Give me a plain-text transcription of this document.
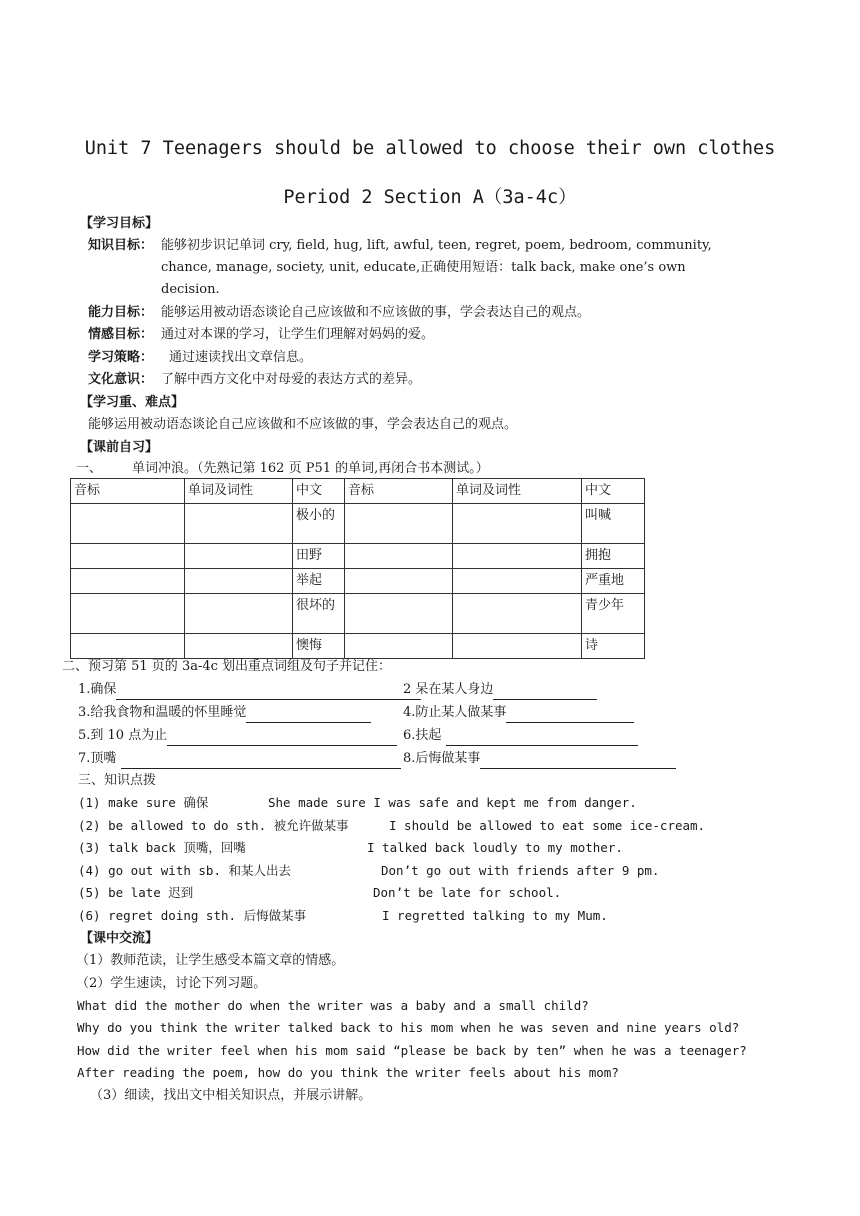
Unit 7 Teenagers should be allowed to choose their own clothes
Period 2 Section A（3a-4c）
【学习目标】
知识目标： 能够初步识记单词 cry, field, hug, lift, awful, teen, regret, poem, bedroom, community,
chance, manage, society, unit, educate,正确使用短语：talk back, make one’s own
decision.
能力目标： 能够运用被动语态谈论自己应该做和不应该做的事，学会表达自己的观点。
情感目标： 通过对本课的学习，让学生们理解对妈妈的爱。
学习策略： 通过速读找出文章信息。
文化意识： 了解中西方文化中对母爱的表达方式的差异。
【学习重、难点】
能够运用被动语态谈论自己应该做和不应该做的事，学会表达自己的观点。
【课前自习】
一、 单词冲浪。（先熟记第 162 页 P51 的单词,再闭合书本测试。）
音标	单词及词性	中文	音标	单词及词性	中文
		极小的			叫喊
		田野			拥抱
		举起			严重地
		很坏的			青少年
		懊悔			诗
二、预习第 51 页的 3a-4c 划出重点词组及句子并记住：
1.确保	2 呆在某人身边
3.给我食物和温暖的怀里睡觉	4.防止某人做某事
5.到 10 点为止	6.扶起
7.顶嘴	8.后悔做某事
三、知识点拨
(1) make sure 确保	She made sure I was safe and kept me from danger.
(2) be allowed to do sth. 被允许做某事	I should be allowed to eat some ice-cream.
(3) talk back 顶嘴，回嘴	I talked back loudly to my mother.
(4) go out with sb. 和某人出去	Don’t go out with friends after 9 pm.
(5) be late 迟到	Don’t be late for school.
(6) regret doing sth. 后悔做某事	I regretted talking to my Mum.
【课中交流】
（1）教师范读，让学生感受本篇文章的情感。
（2）学生速读，讨论下列习题。
What did the mother do when the writer was a baby and a small child?
Why do you think the writer talked back to his mom when he was seven and nine years old?
How did the writer feel when his mom said “please be back by ten” when he was a teenager?
After reading the poem, how do you think the writer feels about his mom?
（3）细读，找出文中相关知识点，并展示讲解。
